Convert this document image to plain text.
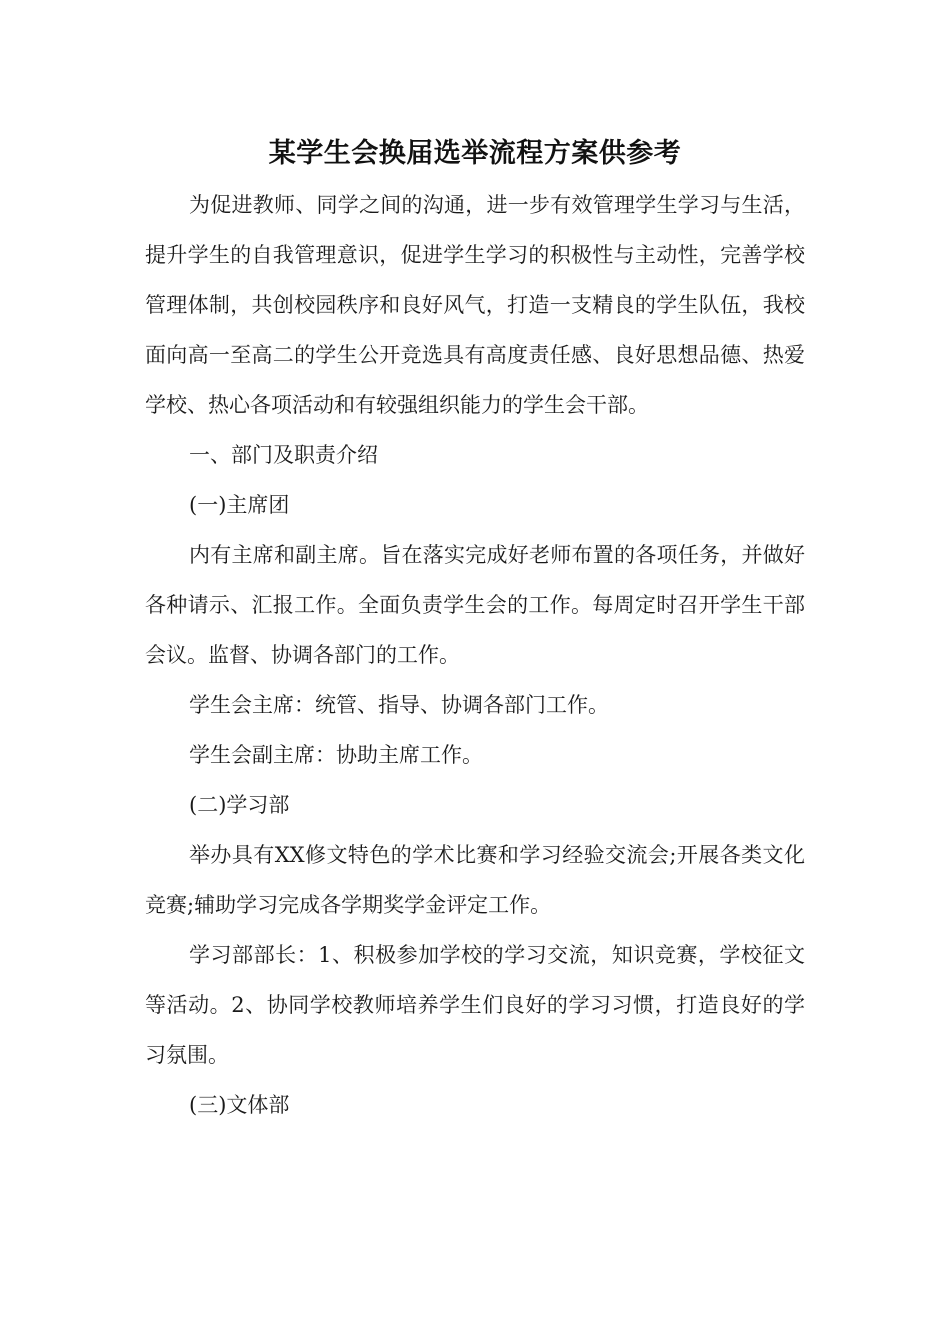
某学生会换届选举流程方案供参考

为促进教师、同学之间的沟通，进一步有效管理学生学习与生活，提升学生的自我管理意识，促进学生学习的积极性与主动性，完善学校管理体制，共创校园秩序和良好风气，打造一支精良的学生队伍，我校面向高一至高二的学生公开竞选具有高度责任感、良好思想品德、热爱学校、热心各项活动和有较强组织能力的学生会干部。

一、部门及职责介绍

(一)主席团

内有主席和副主席。旨在落实完成好老师布置的各项任务，并做好各种请示、汇报工作。全面负责学生会的工作。每周定时召开学生干部会议。监督、协调各部门的工作。

学生会主席：统管、指导、协调各部门工作。

学生会副主席：协助主席工作。

(二)学习部

举办具有XX修文特色的学术比赛和学习经验交流会;开展各类文化竞赛;辅助学习完成各学期奖学金评定工作。

学习部部长：1、积极参加学校的学习交流，知识竞赛，学校征文等活动。2、协同学校教师培养学生们良好的学习习惯，打造良好的学习氛围。

(三)文体部
